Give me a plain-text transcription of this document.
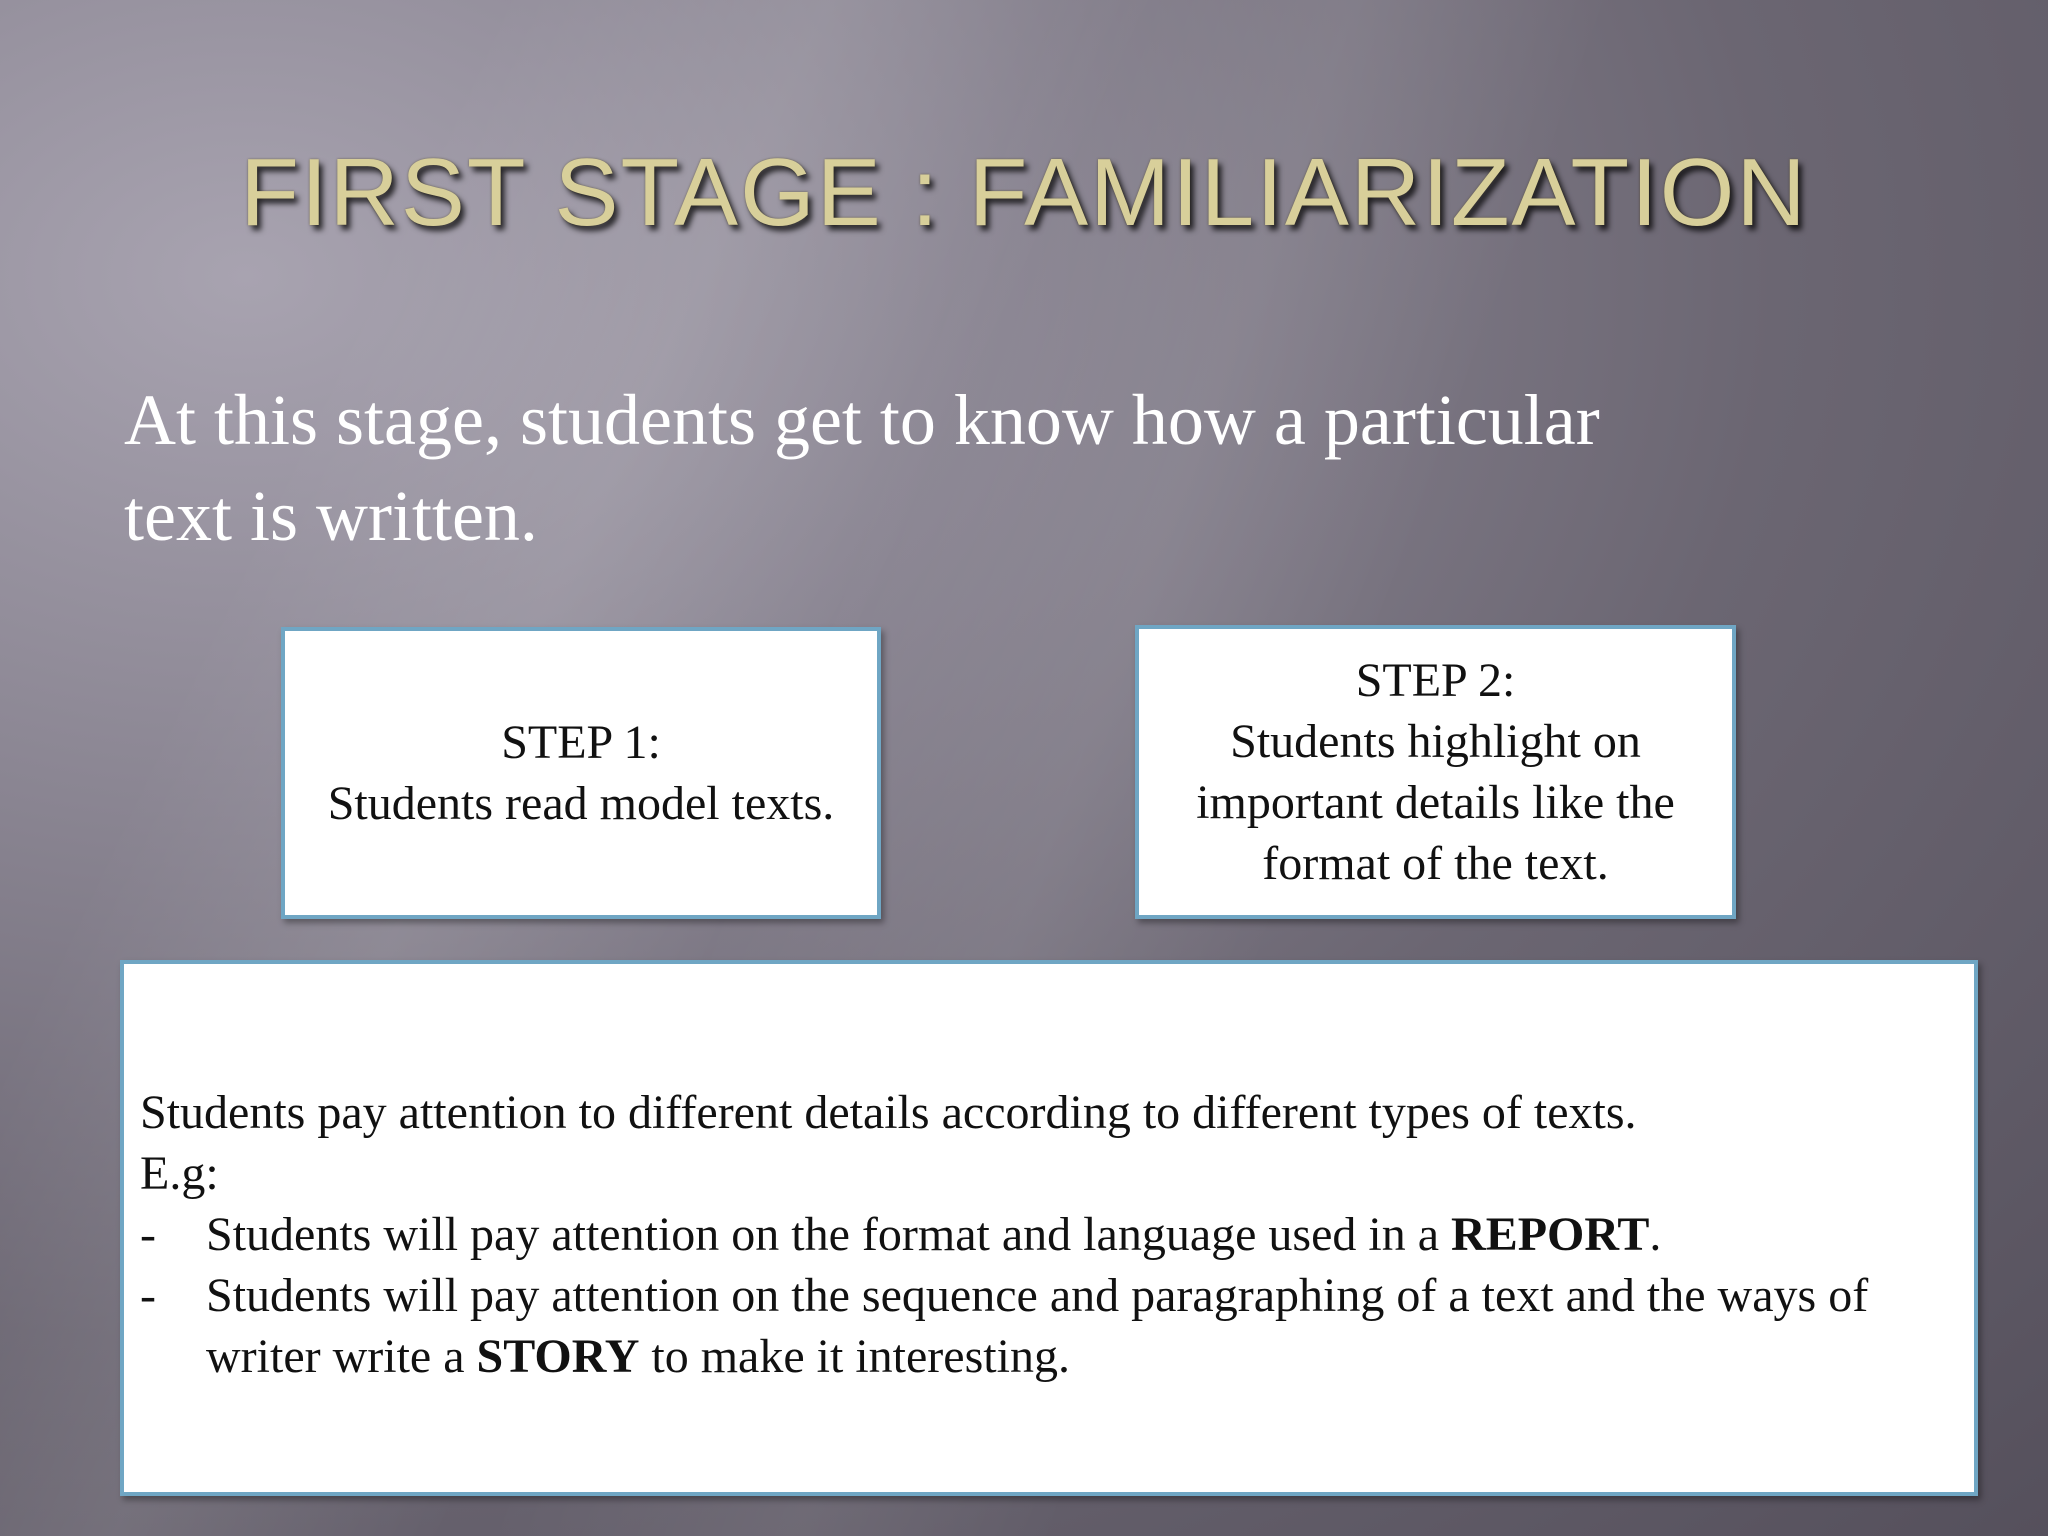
FIRST STAGE : FAMILIARIZATION

At this stage, students get to know how a particular text is written.

STEP 1:
Students read model texts.
STEP 2:
Students highlight on important details like the format of the text.

Students pay attention to different details according to different types of texts.

E.g:

- Students will pay attention on the format and language used in a REPORT.

- Students will pay attention on the sequence and paragraphing of a text and the ways of writer write a STORY to make it interesting.
